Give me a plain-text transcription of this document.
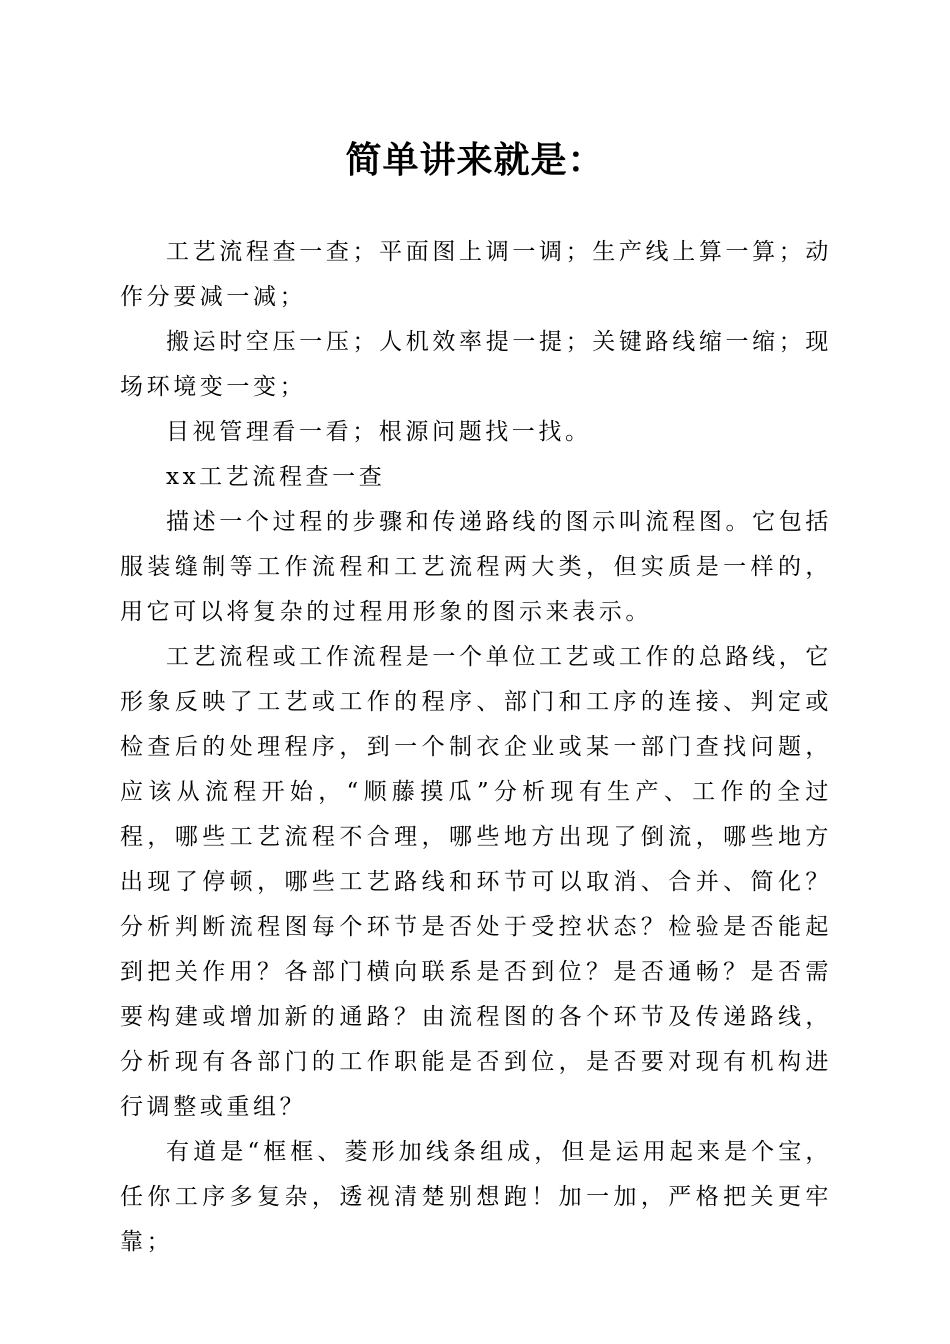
简单讲来就是：

工艺流程查一查；平面图上调一调；生产线上算一算；动作分要减一减；

搬运时空压一压；人机效率提一提；关键路线缩一缩；现场环境变一变；

目视管理看一看；根源问题找一找。

xx工艺流程查一查

描述一个过程的步骤和传递路线的图示叫流程图。它包括服装缝制等工作流程和工艺流程两大类，但实质是一样的，用它可以将复杂的过程用形象的图示来表示。

工艺流程或工作流程是一个单位工艺或工作的总路线，它形象反映了工艺或工作的程序、部门和工序的连接、判定或检查后的处理程序，到一个制衣企业或某一部门查找问题，应该从流程开始，“顺藤摸瓜”分析现有生产、工作的全过程，哪些工艺流程不合理，哪些地方出现了倒流，哪些地方出现了停顿，哪些工艺路线和环节可以取消、合并、简化？分析判断流程图每个环节是否处于受控状态？检验是否能起到把关作用？各部门横向联系是否到位？是否通畅？是否需要构建或增加新的通路？由流程图的各个环节及传递路线，分析现有各部门的工作职能是否到位，是否要对现有机构进行调整或重组？

有道是“框框、菱形加线条组成，但是运用起来是个宝，任你工序多复杂，透视清楚别想跑！加一加，严格把关更牢靠；
